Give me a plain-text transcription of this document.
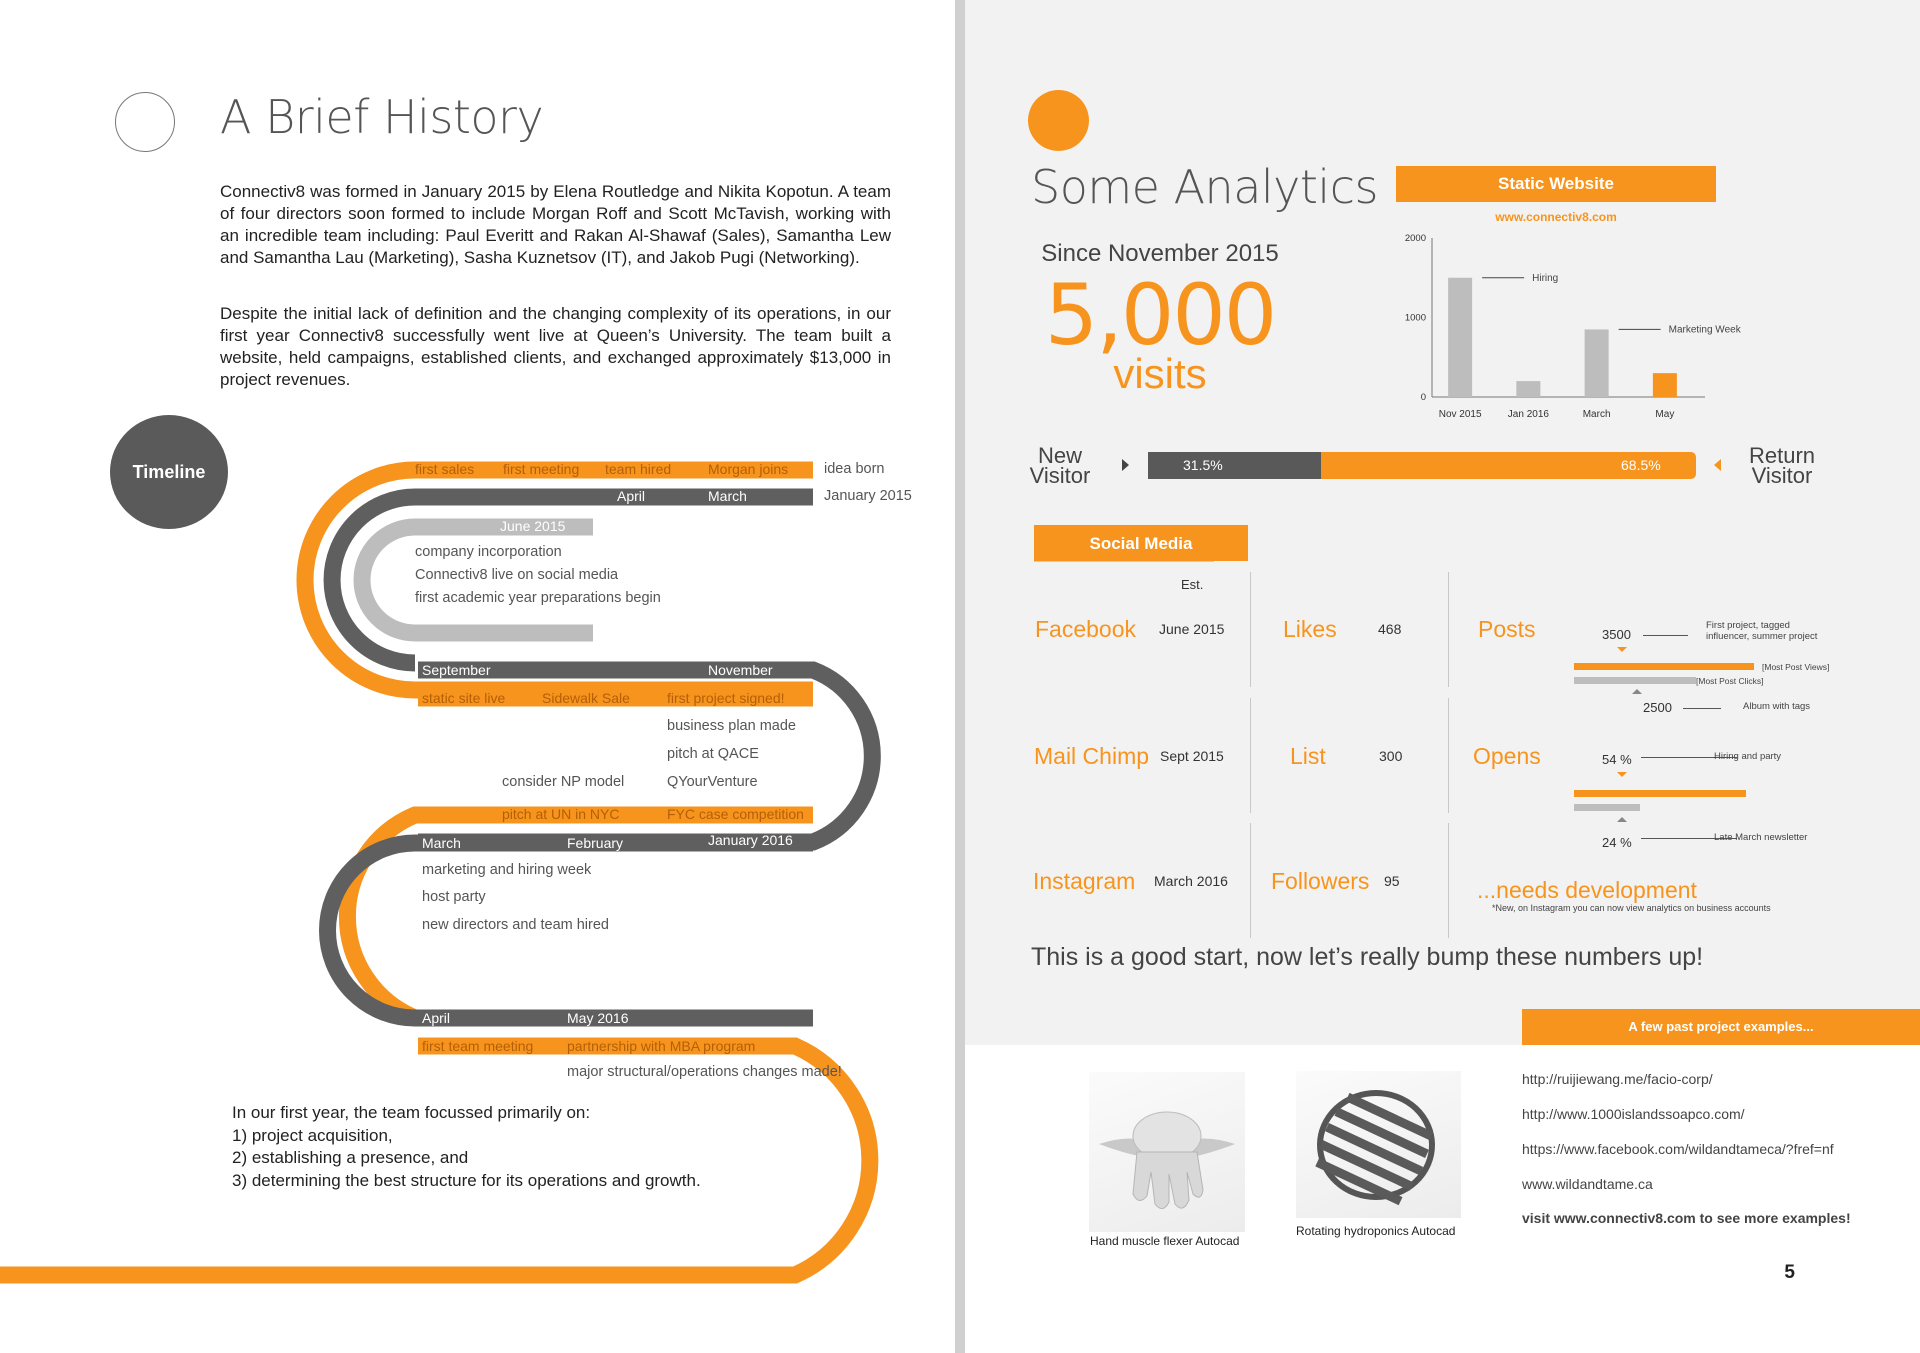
A Brief History
Connectiv8 was formed in January 2015 by Elena Routledge and Nikita Kopotun. A team of four directors soon formed to include Morgan Roff and Scott McTavish, working with an incredible team including: Paul Everitt and Rakan Al-Shawaf (Sales), Samantha Lew and Samantha Lau (Marketing), Sasha Kuznetsov (IT), and Jakob Pugi (Networking).
Despite the initial lack of definition and the changing complexity of its operations, in our first year Connectiv8 successfully went live at Queen’s University. The team built a website, held campaigns, established clients, and exchanged approximately $13,000 in project revenues.
Timeline	first sales first meeting team hired	Morgan joins idea born
April	March	January 2015
June 2015
company incorporation
Connectiv8 live on social media
first academic year preparations begin
September	November
static site live	Sidewalk Sale	first project signed!
business plan made
pitch at QACE
QYourVenture
consider NP model
pitch at UN in NYC	FYC case competition
March	February	January 2016
marketing and hiring week
host party
new directors and team hired
April	May 2016
first team meeting partnership with MBA program
major structural/operations changes made!
In our first year, the team focussed primarily on:
1) project acquisition,
2) establishing a presence, and
3) determining the best structure for its operations and growth.
Some Analytics
Since November 2015
5,000
visits
Static Website
www.connectiv8.com
0
1000
2000
Nov 2015	Jan 2016	March	May
Hiring
Marketing Week
New
Visitor	31.5%	68.5%	Return
Visitor
Social Media
Est.
Facebook June 2015	Likes	468	Posts	3500
First project, tagged
influencer, summer project
[Most Post Views]
[Most Post Clicks]
2500	Album with tags
Mail Chimp Sept 2015	List	300	Opens	54 %	Hiring and party
24 %	Late March newsletter
Instagram March 2016 Followers 95	...needs development
*New, on Instagram you can now view analytics on business accounts
This is a good start, now let’s really bump these numbers up!
A few past project examples...
Hand muscle flexer Autocad
Rotating hydroponics Autocad
http://ruijiewang.me/facio-corp/
http://www.1000islandssoapco.com/
https://www.facebook.com/wildandtameca/?fref=nf
www.wildandtame.ca
visit www.connectiv8.com to see more examples!
5
